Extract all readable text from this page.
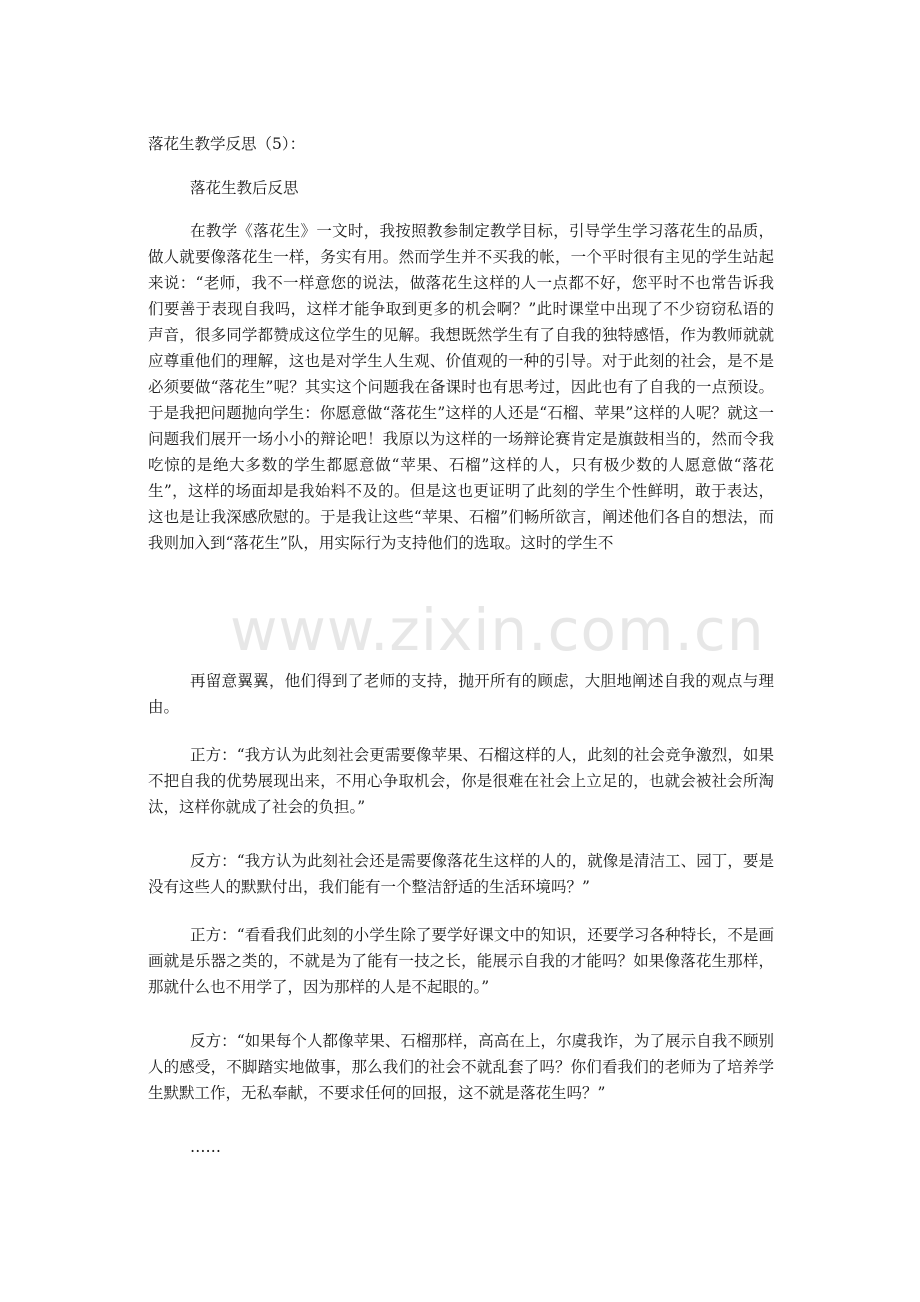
落花生教学反思（5）：

落花生教后反思

在教学《落花生》一文时，我按照教参制定教学目标，引导学生学习落花生的品质，做人就要像落花生一样，务实有用。然而学生并不买我的帐，一个平时很有主见的学生站起来说：“老师，我不一样意您的说法，做落花生这样的人一点都不好，您平时不也常告诉我们要善于表现自我吗，这样才能争取到更多的机会啊？”此时课堂中出现了不少窃窃私语的声音，很多同学都赞成这位学生的见解。我想既然学生有了自我的独特感悟，作为教师就就应尊重他们的理解，这也是对学生人生观、价值观的一种的引导。对于此刻的社会，是不是必须要做“落花生”呢？其实这个问题我在备课时也有思考过，因此也有了自我的一点预设。于是我把问题抛向学生：你愿意做“落花生”这样的人还是“石榴、苹果”这样的人呢？就这一问题我们展开一场小小的辩论吧！我原以为这样的一场辩论赛肯定是旗鼓相当的，然而令我吃惊的是绝大多数的学生都愿意做“苹果、石榴”这样的人，只有极少数的人愿意做“落花生”，这样的场面却是我始料不及的。但是这也更证明了此刻的学生个性鲜明，敢于表达，这也是让我深感欣慰的。于是我让这些“苹果、石榴”们畅所欲言，阐述他们各自的想法，而我则加入到“落花生”队，用实际行为支持他们的选取。这时的学生不

再留意翼翼，他们得到了老师的支持，抛开所有的顾虑，大胆地阐述自我的观点与理由。

正方：“我方认为此刻社会更需要像苹果、石榴这样的人，此刻的社会竞争激烈，如果不把自我的优势展现出来，不用心争取机会，你是很难在社会上立足的，也就会被社会所淘汰，这样你就成了社会的负担。”

反方：“我方认为此刻社会还是需要像落花生这样的人的，就像是清洁工、园丁，要是没有这些人的默默付出，我们能有一个整洁舒适的生活环境吗？”

正方：“看看我们此刻的小学生除了要学好课文中的知识，还要学习各种特长，不是画画就是乐器之类的，不就是为了能有一技之长，能展示自我的才能吗？如果像落花生那样，那就什么也不用学了，因为那样的人是不起眼的。”

反方：“如果每个人都像苹果、石榴那样，高高在上，尔虞我诈，为了展示自我不顾别人的感受，不脚踏实地做事，那么我们的社会不就乱套了吗？你们看我们的老师为了培养学生默默工作，无私奉献，不要求任何的回报，这不就是落花生吗？”

……

www.zixin.com.cn
